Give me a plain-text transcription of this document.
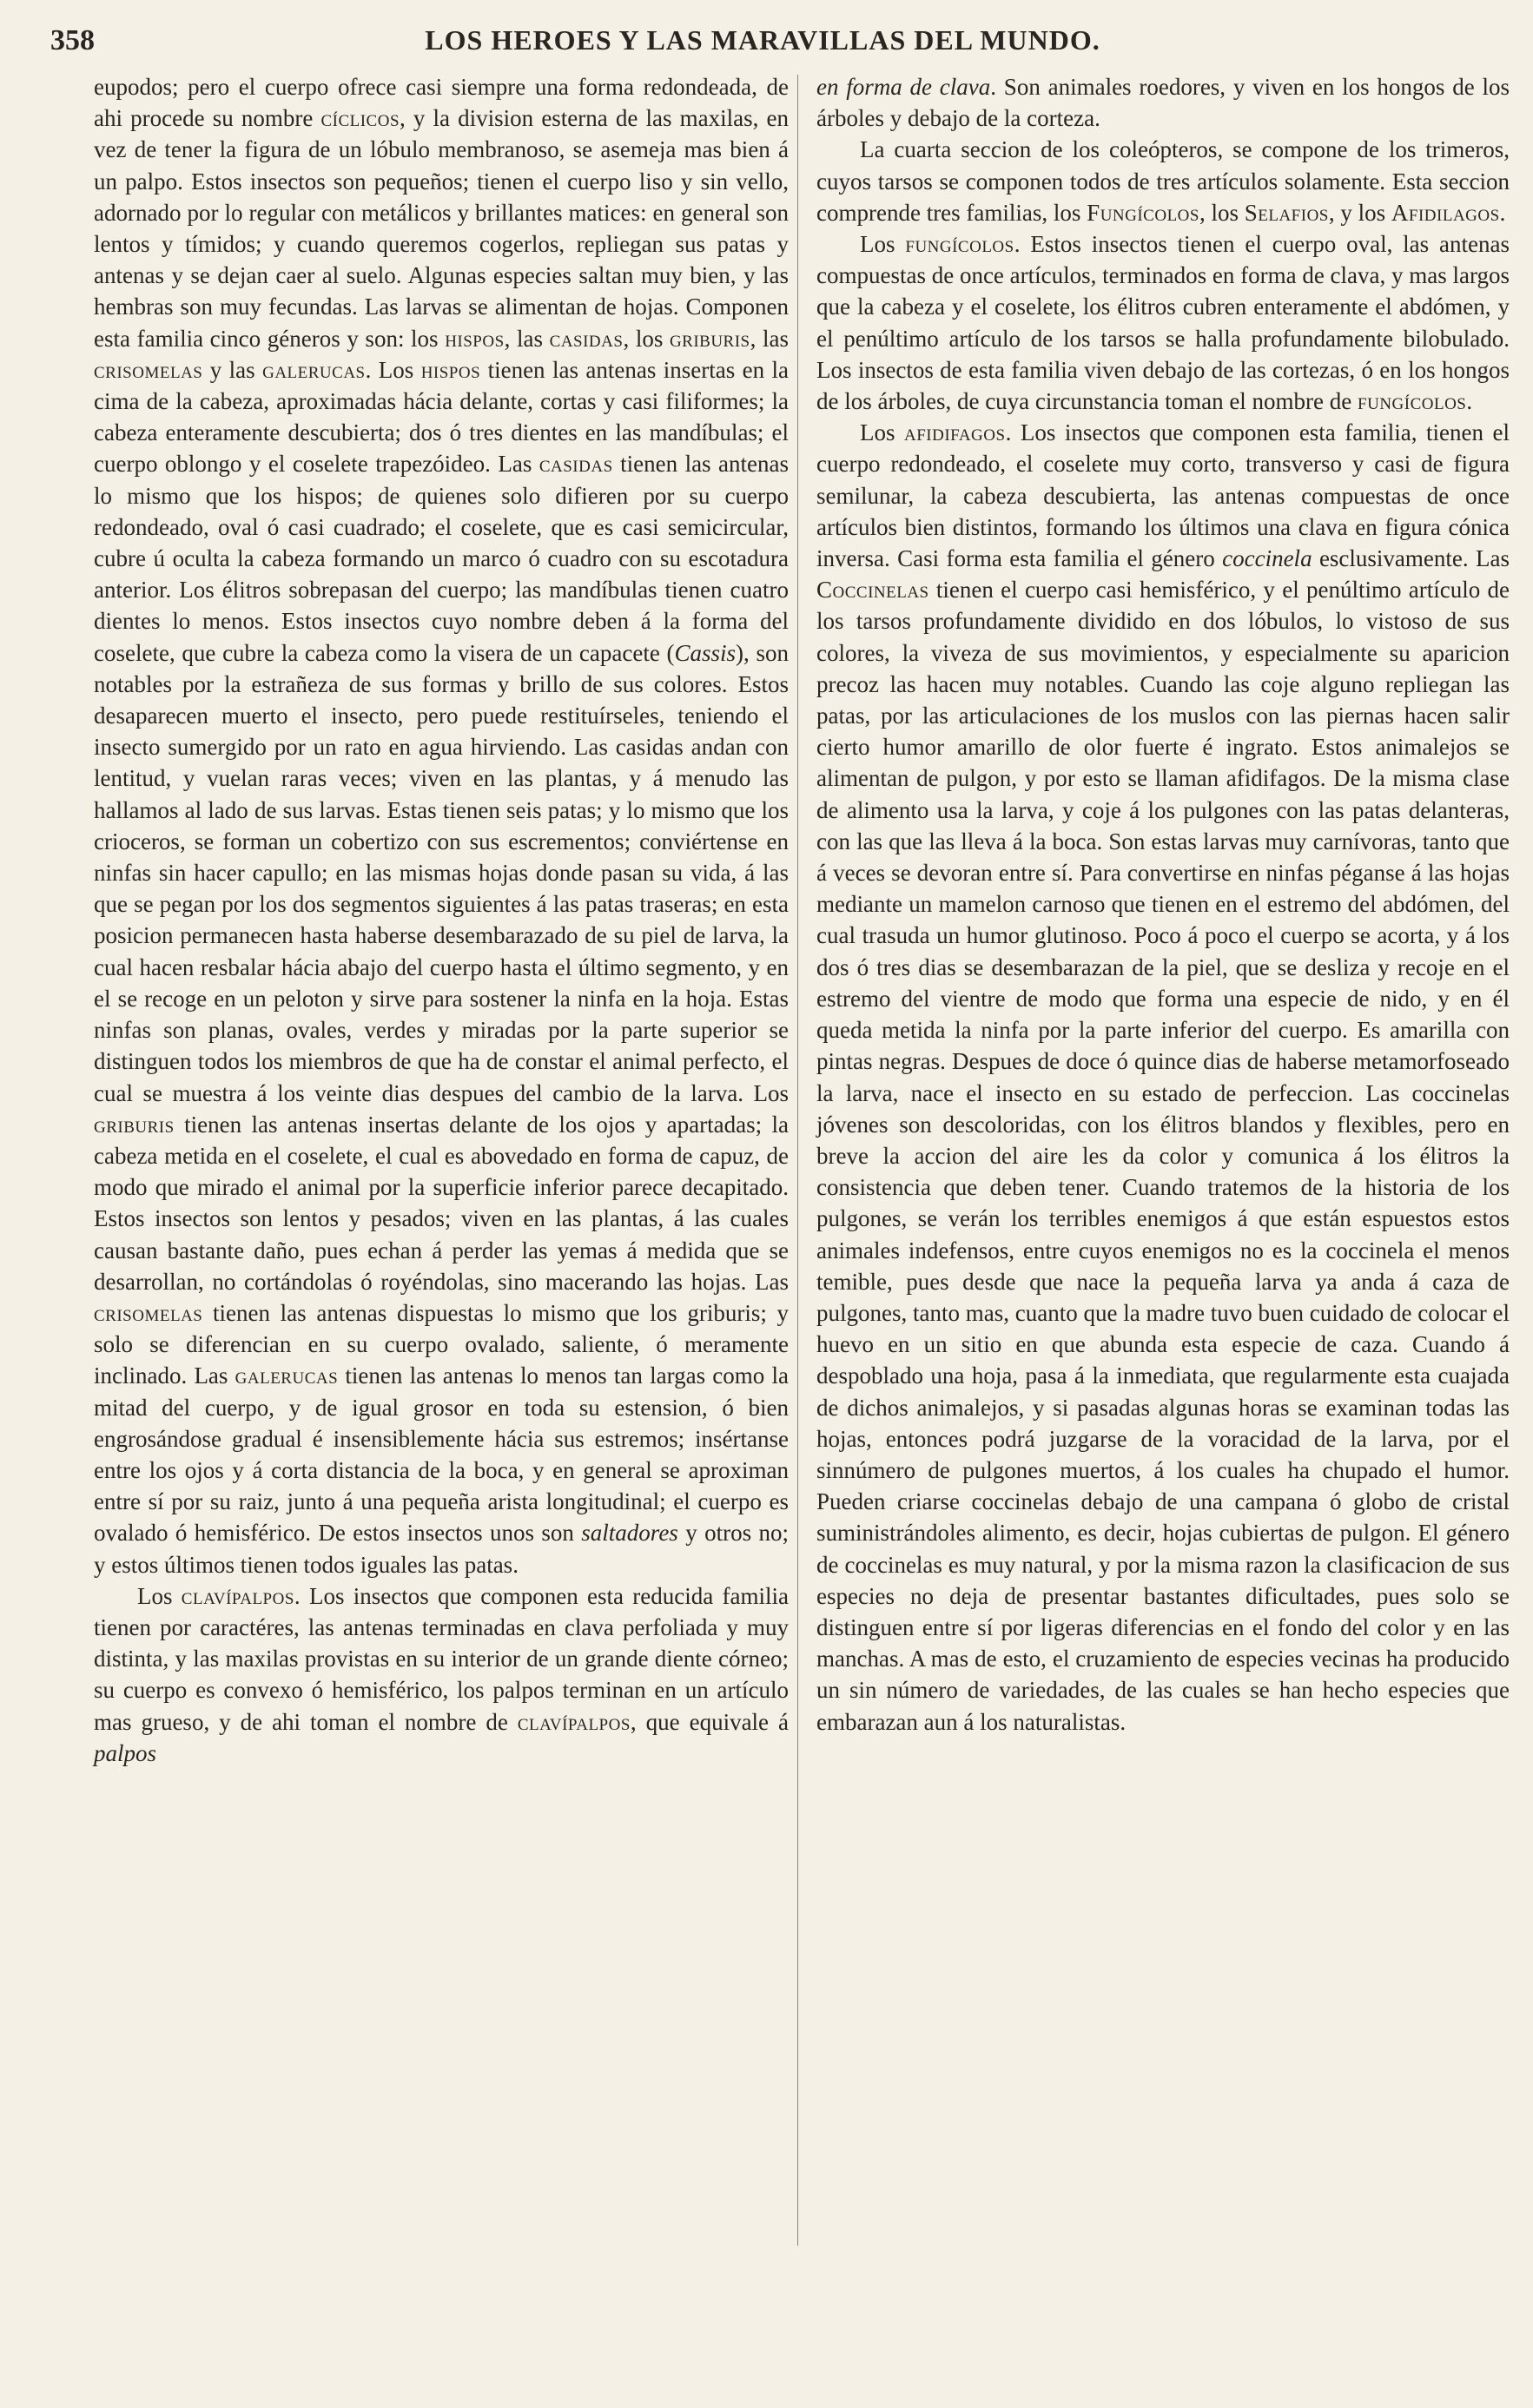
358	LOS HEROES Y LAS MARAVILLAS DEL MUNDO.

eupodos; pero el cuerpo ofrece casi siempre una forma redondeada, de ahi procede su nombre cíclicos, y la division esterna de las maxilas, en vez de tener la figura de un lóbulo membranoso, se asemeja mas bien á un palpo. Estos insectos son pequeños; tienen el cuerpo liso y sin vello, adornado por lo regular con metálicos y brillantes matices: en general son lentos y tímidos; y cuando queremos cogerlos, repliegan sus patas y antenas y se dejan caer al suelo. Algunas especies saltan muy bien, y las hembras son muy fecundas. Las larvas se alimentan de hojas. Componen esta familia cinco géneros y son: los hispos, las casidas, los griburis, las crisomelas y las galerucas. Los hispos tienen las antenas insertas en la cima de la cabeza, aproximadas hácia delante, cortas y casi filiformes; la cabeza enteramente descubierta; dos ó tres dientes en las mandíbulas; el cuerpo oblongo y el coselete trapezóideo. Las casidas tienen las antenas lo mismo que los hispos; de quienes solo difieren por su cuerpo redondeado, oval ó casi cuadrado; el coselete, que es casi semicircular, cubre ú oculta la cabeza formando un marco ó cuadro con su escotadura anterior. Los élitros sobrepasan del cuerpo; las mandíbulas tienen cuatro dientes lo menos. Estos insectos cuyo nombre deben á la forma del coselete, que cubre la cabeza como la visera de un capacete (Cassis), son notables por la estrañeza de sus formas y brillo de sus colores. Estos desaparecen muerto el insecto, pero puede restituírseles, teniendo el insecto sumergido por un rato en agua hirviendo. Las casidas andan con lentitud, y vuelan raras veces; viven en las plantas, y á menudo las hallamos al lado de sus larvas. Estas tienen seis patas; y lo mismo que los crioceros, se forman un cobertizo con sus escrementos; conviértense en ninfas sin hacer capullo; en las mismas hojas donde pasan su vida, á las que se pegan por los dos segmentos siguientes á las patas traseras; en esta posicion permanecen hasta haberse desembarazado de su piel de larva, la cual hacen resbalar hácia abajo del cuerpo hasta el último segmento, y en el se recoge en un peloton y sirve para sostener la ninfa en la hoja. Estas ninfas son planas, ovales, verdes y miradas por la parte superior se distinguen todos los miembros de que ha de constar el animal perfecto, el cual se muestra á los veinte dias despues del cambio de la larva. Los griburis tienen las antenas insertas delante de los ojos y apartadas; la cabeza metida en el coselete, el cual es abovedado en forma de capuz, de modo que mirado el animal por la superficie inferior parece decapitado. Estos insectos son lentos y pesados; viven en las plantas, á las cuales causan bastante daño, pues echan á perder las yemas á medida que se desarrollan, no cortándolas ó royéndolas, sino macerando las hojas. Las crisomelas tienen las antenas dispuestas lo mismo que los griburis; y solo se diferencian en su cuerpo ovalado, saliente, ó meramente inclinado. Las galerucas tienen las antenas lo menos tan largas como la mitad del cuerpo, y de igual grosor en toda su estension, ó bien engrosándose gradual é insensiblemente hácia sus estremos; insértanse entre los ojos y á corta distancia de la boca, y en general se aproximan entre sí por su raiz, junto á una pequeña arista longitudinal; el cuerpo es ovalado ó hemisférico. De estos insectos unos son saltadores y otros no; y estos últimos tienen todos iguales las patas.

Los clavípalpos. Los insectos que componen esta reducida familia tienen por caractéres, las antenas terminadas en clava perfoliada y muy distinta, y las maxilas provistas en su interior de un grande diente córneo; su cuerpo es convexo ó hemisférico, los palpos terminan en un artículo mas grueso, y de ahi toman el nombre de clavípalpos, que equivale á palpos

en forma de clava. Son animales roedores, y viven en los hongos de los árboles y debajo de la corteza.

La cuarta seccion de los coleópteros, se compone de los trimeros, cuyos tarsos se componen todos de tres artículos solamente. Esta seccion comprende tres familias, los Fungícolos, los Selafios, y los Afidilagos.

Los fungícolos. Estos insectos tienen el cuerpo oval, las antenas compuestas de once artículos, terminados en forma de clava, y mas largos que la cabeza y el coselete, los élitros cubren enteramente el abdómen, y el penúltimo artículo de los tarsos se halla profundamente bilobulado. Los insectos de esta familia viven debajo de las cortezas, ó en los hongos de los árboles, de cuya circunstancia toman el nombre de fungícolos.

Los afidifagos. Los insectos que componen esta familia, tienen el cuerpo redondeado, el coselete muy corto, transverso y casi de figura semilunar, la cabeza descubierta, las antenas compuestas de once artículos bien distintos, formando los últimos una clava en figura cónica inversa. Casi forma esta familia el género coccinela esclusivamente. Las Coccinelas tienen el cuerpo casi hemisférico, y el penúltimo artículo de los tarsos profundamente dividido en dos lóbulos, lo vistoso de sus colores, la viveza de sus movimientos, y especialmente su aparicion precoz las hacen muy notables. Cuando las coje alguno repliegan las patas, por las articulaciones de los muslos con las piernas hacen salir cierto humor amarillo de olor fuerte é ingrato. Estos animalejos se alimentan de pulgon, y por esto se llaman afidifagos. De la misma clase de alimento usa la larva, y coje á los pulgones con las patas delanteras, con las que las lleva á la boca. Son estas larvas muy carnívoras, tanto que á veces se devoran entre sí. Para convertirse en ninfas péganse á las hojas mediante un mamelon carnoso que tienen en el estremo del abdómen, del cual trasuda un humor glutinoso. Poco á poco el cuerpo se acorta, y á los dos ó tres dias se desembarazan de la piel, que se desliza y recoje en el estremo del vientre de modo que forma una especie de nido, y en él queda metida la ninfa por la parte inferior del cuerpo. Es amarilla con pintas negras. Despues de doce ó quince dias de haberse metamorfoseado la larva, nace el insecto en su estado de perfeccion. Las coccinelas jóvenes son descoloridas, con los élitros blandos y flexibles, pero en breve la accion del aire les da color y comunica á los élitros la consistencia que deben tener. Cuando tratemos de la historia de los pulgones, se verán los terribles enemigos á que están espuestos estos animales indefensos, entre cuyos enemigos no es la coccinela el menos temible, pues desde que nace la pequeña larva ya anda á caza de pulgones, tanto mas, cuanto que la madre tuvo buen cuidado de colocar el huevo en un sitio en que abunda esta especie de caza. Cuando á despoblado una hoja, pasa á la inmediata, que regularmente esta cuajada de dichos animalejos, y si pasadas algunas horas se examinan todas las hojas, entonces podrá juzgarse de la voracidad de la larva, por el sinnúmero de pulgones muertos, á los cuales ha chupado el humor. Pueden criarse coccinelas debajo de una campana ó globo de cristal suministrándoles alimento, es decir, hojas cubiertas de pulgon. El género de coccinelas es muy natural, y por la misma razon la clasificacion de sus especies no deja de presentar bastantes dificultades, pues solo se distinguen entre sí por ligeras diferencias en el fondo del color y en las manchas. A mas de esto, el cruzamiento de especies vecinas ha producido un sin número de variedades, de las cuales se han hecho especies que embarazan aun á los naturalistas.
